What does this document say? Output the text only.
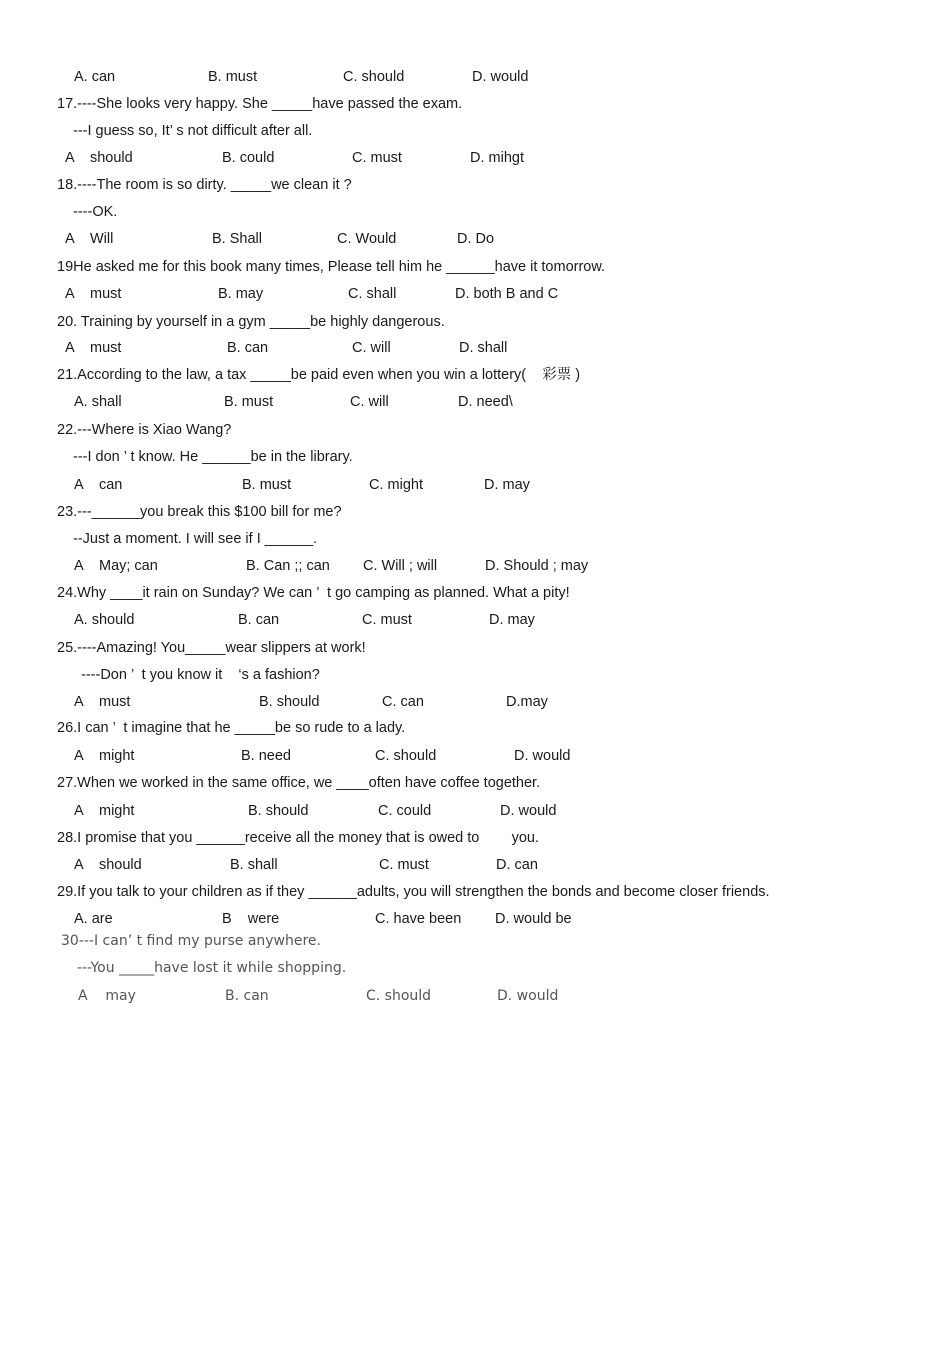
A. can	B. must	C. should	D. would
17.----She looks very happy. She _____have passed the exam.
---I guess so, It’ s not difficult after all.
A    should	B. could	C. must	D. mihgt
18.----The room is so dirty. _____we clean it ?
----OK.
A    Will	B. Shall	C. Would	D. Do
19He asked me for this book many times, Please tell him he ______have it tomorrow.
A    must	B. may	C. shall	D. both B and C
20. Training by yourself in a gym _____be highly dangerous.
A    must	B. can	C. will	D. shall
21.According to the law, a tax _____be paid even when you win a lottery(    彩票 )
A. shall	B. must	C. will	D. need\
22.---Where is Xiao Wang?
---I don ’ t know. He ______be in the library.
A    can	B. must	C. might	D. may
23.---______you break this $100 bill for me?
--Just a moment. I will see if I ______.
A    May; can	B. Can ;; can C. Will ; will	D. Should ; may
24.Why ____it rain on Sunday? We can ’  t go camping as planned. What a pity!
A. should	B. can	C. must	D. may
25.----Amazing! You_____wear slippers at work!
----Don ’  t you know it    ‘s a fashion?
A    must	B. should	C. can	D.may
26.I can ’  t imagine that he _____be so rude to a lady.
A    might	B. need	C. should	D. would
27.When we worked in the same office, we ____often have coffee together.
A    might	B. should	C. could	D. would
28.I promise that you ______receive all the money that is owed to        you.
A    should	B. shall	C. must	D. can
29.If you talk to your children as if they ______adults, you will strengthen the bonds and become closer friends.
A. are	B    were	C. have been D. would be
30---I can’ t find my purse anywhere.
---You _____have lost it while shopping.
A    may	B. can	C. should	D. would
